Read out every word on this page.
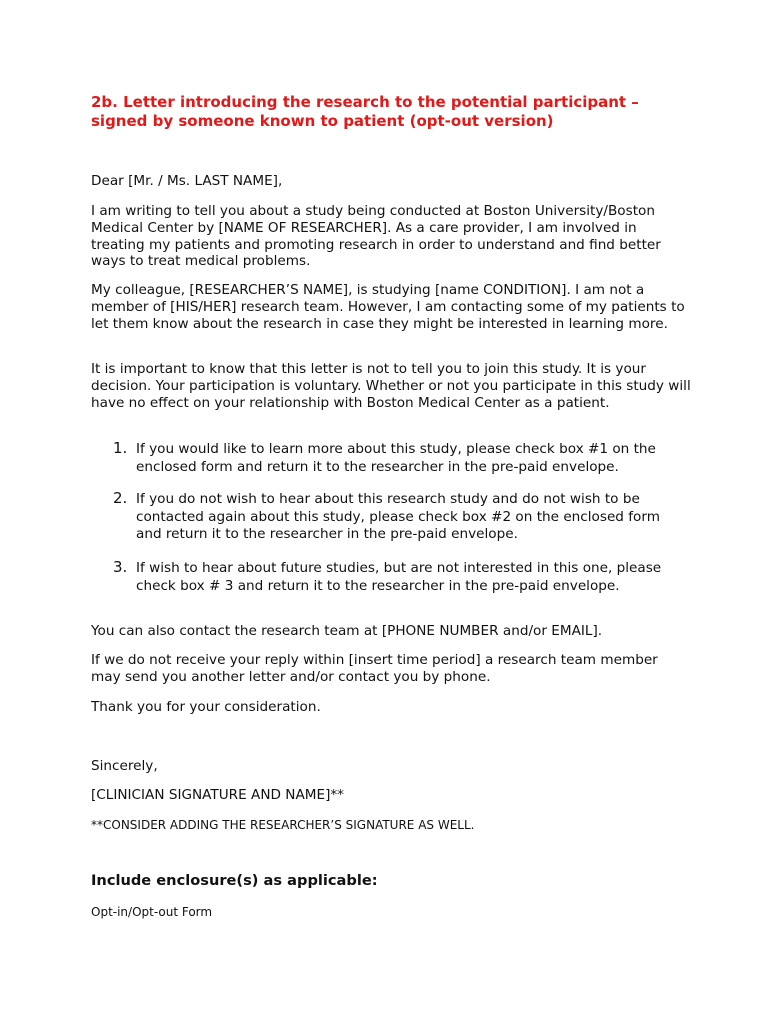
2b. Letter introducing the research to the potential participant – signed by someone known to patient (opt-out version)

Dear [Mr. / Ms. LAST NAME],

I am writing to tell you about a study being conducted at Boston University/Boston Medical Center by [NAME OF RESEARCHER]. As a care provider, I am involved in treating my patients and promoting research in order to understand and find better ways to treat medical problems.

My colleague, [RESEARCHER’S NAME], is studying [name CONDITION]. I am not a member of [HIS/HER] research team. However, I am contacting some of my patients to let them know about the research in case they might be interested in learning more.

It is important to know that this letter is not to tell you to join this study. It is your decision. Your participation is voluntary. Whether or not you participate in this study will have no effect on your relationship with Boston Medical Center as a patient.

1. If you would like to learn more about this study, please check box #1 on the enclosed form and return it to the researcher in the pre-paid envelope.
2. If you do not wish to hear about this research study and do not wish to be contacted again about this study, please check box #2 on the enclosed form and return it to the researcher in the pre-paid envelope.
3. If wish to hear about future studies, but are not interested in this one, please check box # 3 and return it to the researcher in the pre-paid envelope.

You can also contact the research team at [PHONE NUMBER and/or EMAIL].

If we do not receive your reply within [insert time period] a research team member may send you another letter and/or contact you by phone.

Thank you for your consideration.

Sincerely,

[CLINICIAN SIGNATURE AND NAME]**

**CONSIDER ADDING THE RESEARCHER’S SIGNATURE AS WELL.

Include enclosure(s) as applicable:

Opt-in/Opt-out Form
